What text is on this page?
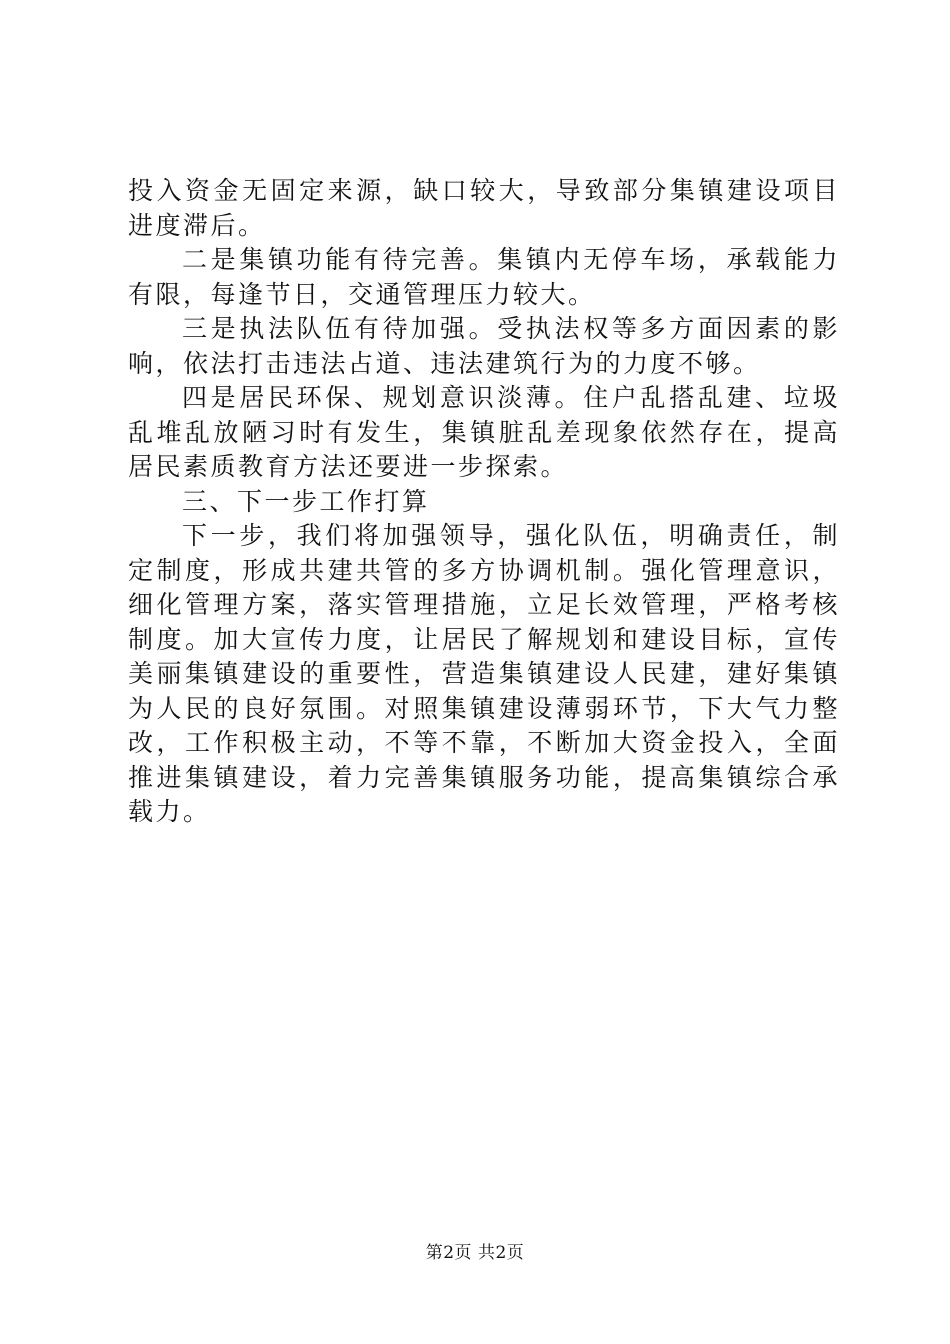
投入资金无固定来源，缺口较大，导致部分集镇建设项目进度滞后。

二是集镇功能有待完善。集镇内无停车场，承载能力有限，每逢节日，交通管理压力较大。

三是执法队伍有待加强。受执法权等多方面因素的影响，依法打击违法占道、违法建筑行为的力度不够。

四是居民环保、规划意识淡薄。住户乱搭乱建、垃圾乱堆乱放陋习时有发生，集镇脏乱差现象依然存在，提高居民素质教育方法还要进一步探索。

三、下一步工作打算

下一步，我们将加强领导，强化队伍，明确责任，制定制度，形成共建共管的多方协调机制。强化管理意识，细化管理方案，落实管理措施，立足长效管理，严格考核制度。加大宣传力度，让居民了解规划和建设目标，宣传美丽集镇建设的重要性，营造集镇建设人民建，建好集镇为人民的良好氛围。对照集镇建设薄弱环节，下大气力整改，工作积极主动，不等不靠，不断加大资金投入，全面推进集镇建设，着力完善集镇服务功能，提高集镇综合承载力。

第2页 共2页
